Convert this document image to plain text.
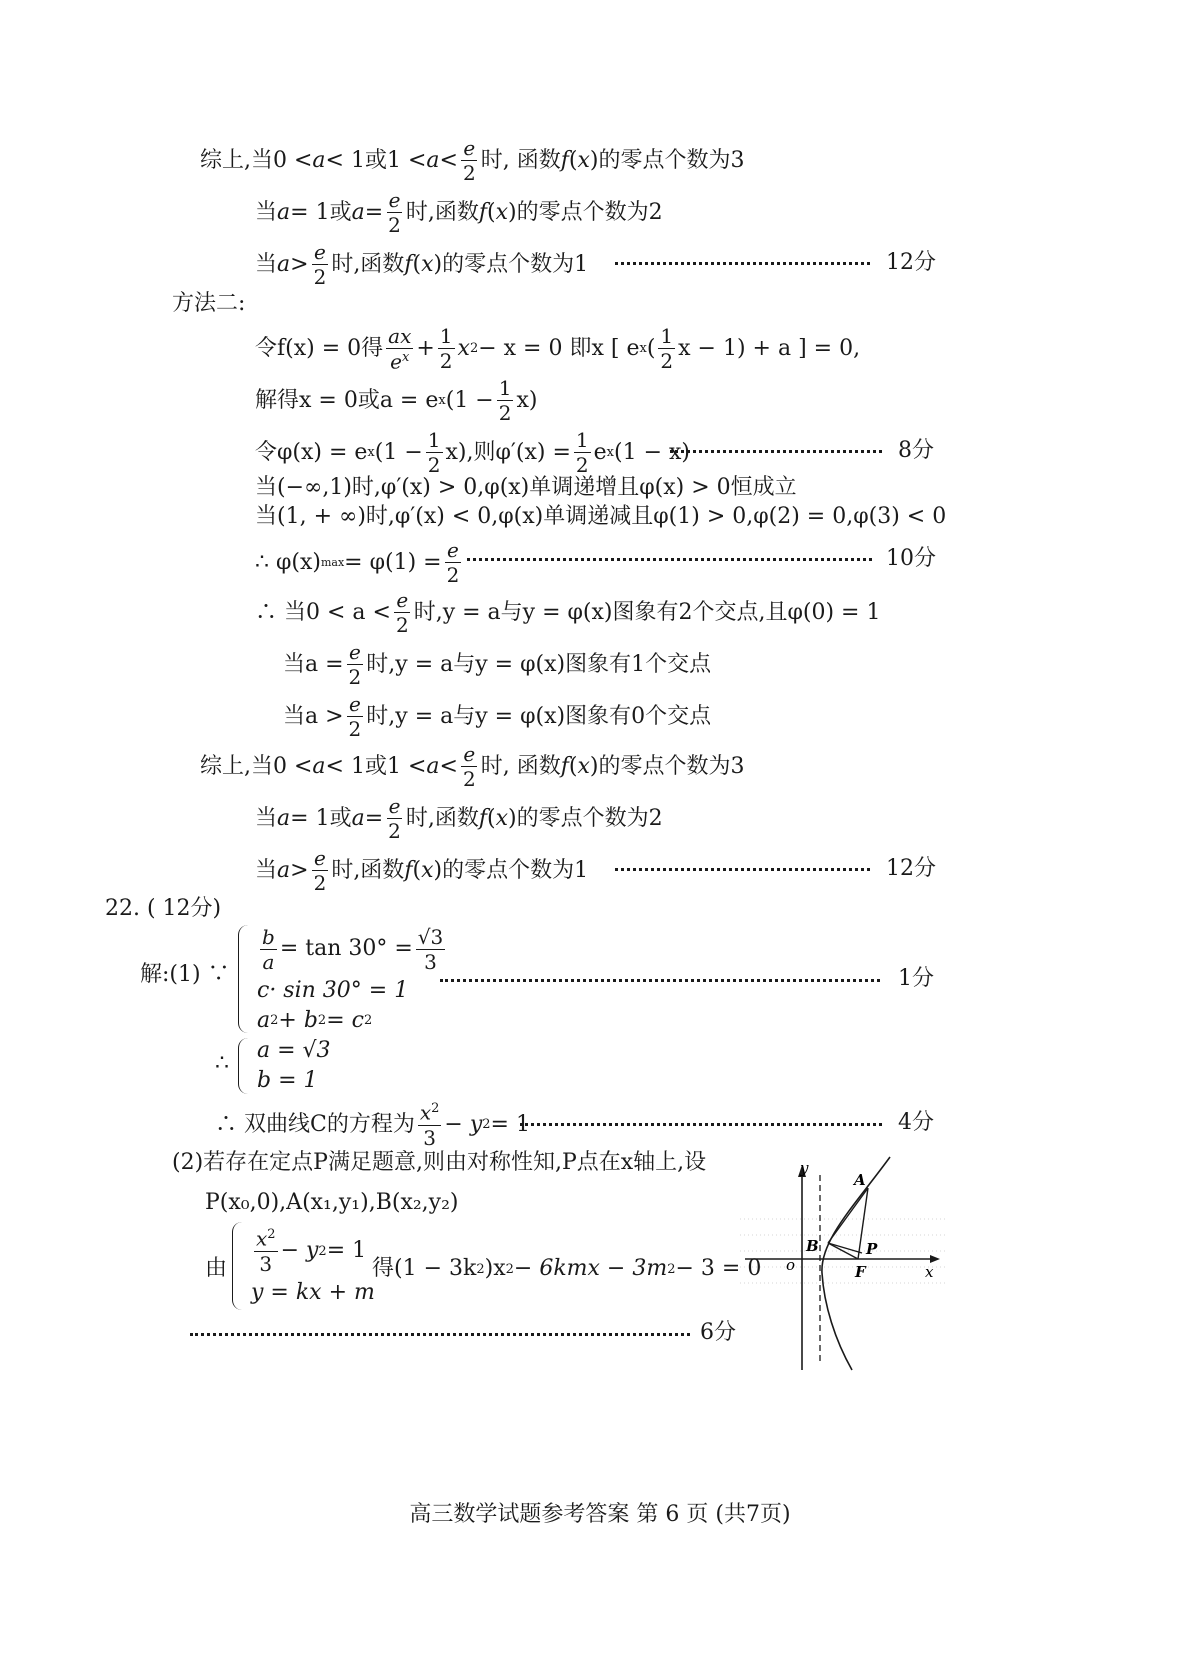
综上,当0 < a < 1或$1 < a < \frac{e}{2}$ 时, 函数 f ( x )的零点个数为3
当 a = 1或 $a = \frac{e}{2}$ 时,函数 f ( x )的零点个数为2
当 $a > \frac{e}{2}$ 时,函数 f ( x )的零点个数为1	12分
方法二:
令f(x) = 0得 $\frac{ax}{e^x} + \frac{1}{2}$ x 2 − x = 0 即x [ e x ( $\frac{1}{2}$ x − 1) + a ] = 0,
解得x = 0或a = e x $(1 - \frac{1}{2} x)$
令φ(x) = e x $(1 - \frac{1}{2} x)$,则$\varphi'(x) = \frac{1}{2}$ e x (1 − x)	8分
当(−∞,1)时,φ′(x) > 0,φ(x)单调递增且φ(x) > 0恒成立
当(1, + ∞)时,φ′(x) < 0,φ(x)单调递减且φ(1) > 0,φ(2) = 0,φ(3) < 0
∴ φ(x) $\max = \varphi(1) = \frac{e}{2}$	10分
∴ 当$0 < a < \frac{e}{2}$ 时,y = a与y = φ(x)图象有2个交点,且φ(0) = 1
当$a = \frac{e}{2}$ 时,y = a与y = φ(x)图象有1个交点
当$a > \frac{e}{2}$ 时,y = a与y = φ(x)图象有0个交点
综上,当0 < a < 1或$1 < a < \frac{e}{2}$ 时, 函数 f ( x )的零点个数为3
当 a = 1或 $a = \frac{e}{2}$ 时,函数 f ( x )的零点个数为2
当 $a > \frac{e}{2}$ 时,函数 f ( x )的零点个数为1	12分
22. ( 12分)
解:(1) ∵
$\frac{b}{a} = \tan 30^\circ = \frac{√3}{3}$
c· sin 30° = 1
a 2 + b 2 = c 2
1分
∴
a = √3
b = 1
∴ 双曲线C的方程为 $\frac{x^2}{3} - y$ 2 = 1	4分
(2)若存在定点P满足题意,则由对称性知,P点在x轴上,设
P(x₀,0),A(x₁,y₁),B(x₂,y₂)
由 $\frac{x^2}{3} - y$ 2 = 1
y = kx + m
得(1 − 3k 2 )x 2 − 6kmx − 3m 2 − 3 = 0
6分
y
x
o
A
B	P
F
高三数学试题参考答案 第 6 页 (共7页)
